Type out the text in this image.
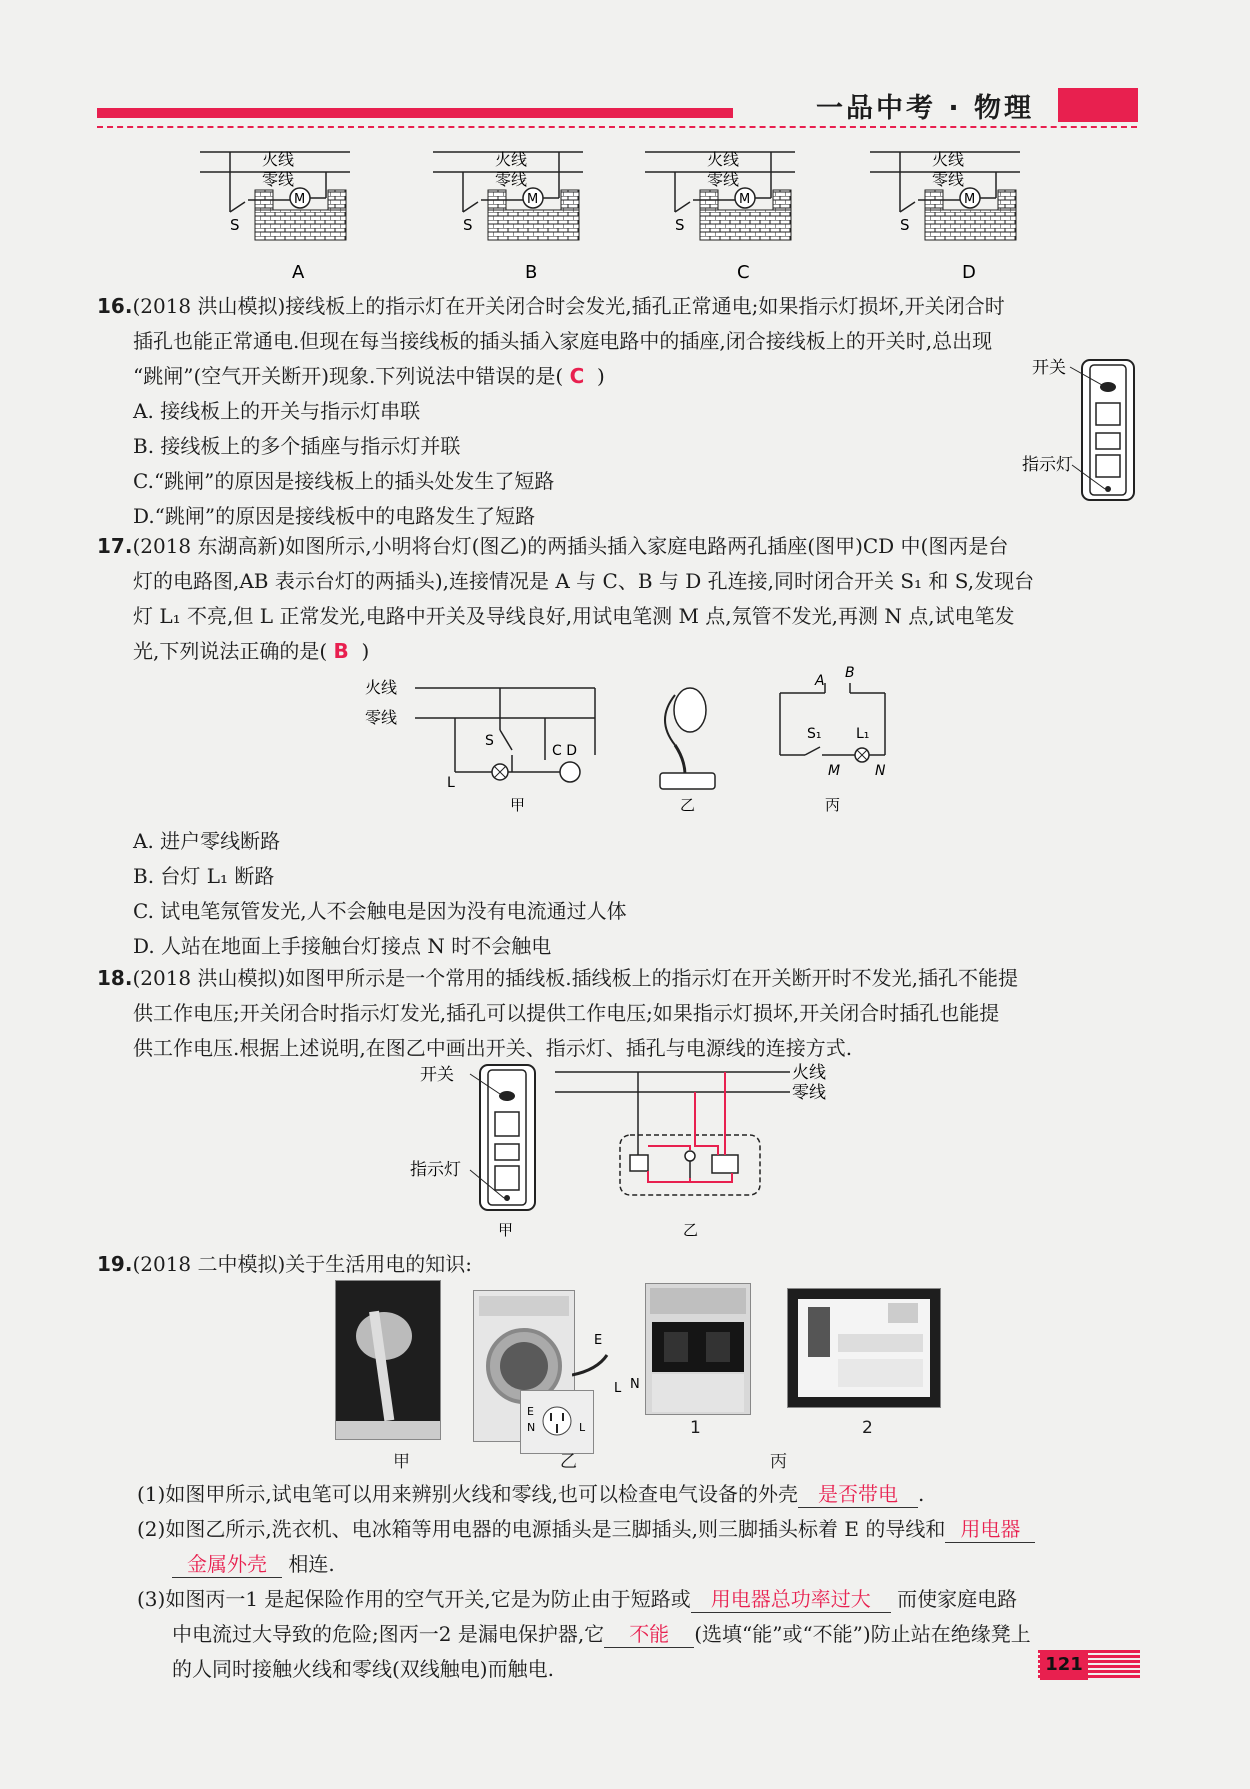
一品中考 · 物理
火线
零线
S
M
A
火线
零线
S
M
B
火线
零线
S
M
C
火线
零线
S
M
D
16.(2018 洪山模拟)接线板上的指示灯在开关闭合时会发光,插孔正常通电;如果指示灯损坏,开关闭合时
插孔也能正常通电.但现在每当接线板的插头插入家庭电路中的插座,闭合接线板上的开关时,总出现
“跳闸”(空气开关断开)现象.下列说法中错误的是( C )
A. 接线板上的开关与指示灯串联
B. 接线板上的多个插座与指示灯并联
C.“跳闸”的原因是接线板上的插头处发生了短路
D.“跳闸”的原因是接线板中的电路发生了短路
开关
指示灯
17.(2018 东湖高新)如图所示,小明将台灯(图乙)的两插头插入家庭电路两孔插座(图甲)CD 中(图丙是台
灯的电路图,AB 表示台灯的两插头),连接情况是 A 与 C、B 与 D 孔连接,同时闭合开关 S₁ 和 S,发现台
灯 L₁ 不亮,但 L 正常发光,电路中开关及导线良好,用试电笔测 M 点,氖管不发光,再测 N 点,试电笔发
光,下列说法正确的是( B )
火线
零线
L
S
C D
甲	乙
A B
S₁ L₁
M N
丙
A. 进户零线断路
B. 台灯 L₁ 断路
C. 试电笔氖管发光,人不会触电是因为没有电流通过人体
D. 人站在地面上手接触台灯接点 N 时不会触电
18.(2018 洪山模拟)如图甲所示是一个常用的插线板.插线板上的指示灯在开关断开时不发光,插孔不能提
供工作电压;开关闭合时指示灯发光,插孔可以提供工作电压;如果指示灯损坏,开关闭合时插孔也能提
供工作电压.根据上述说明,在图乙中画出开关、指示灯、插孔与电源线的连接方式.
开关
指示灯
甲
火线
零线
乙
19.(2018 二中模拟)关于生活用电的知识:
E
N	L
E
L N
1	2
甲	乙	丙
(1)如图甲所示,试电笔可以用来辨别火线和零线,也可以检查电气设备的外壳 是否带电 .
(2)如图乙所示,洗衣机、电冰箱等用电器的电源插头是三脚插头,则三脚插头标着 E 的导线和 用电器
金属外壳 相连.
(3)如图丙一1 是起保险作用的空气开关,它是为防止由于短路或 用电器总功率过大 而使家庭电路
中电流过大导致的危险;图丙一2 是漏电保护器,它 不能 (选填“能”或“不能”)防止站在绝缘凳上
的人同时接触火线和零线(双线触电)而触电.	121
